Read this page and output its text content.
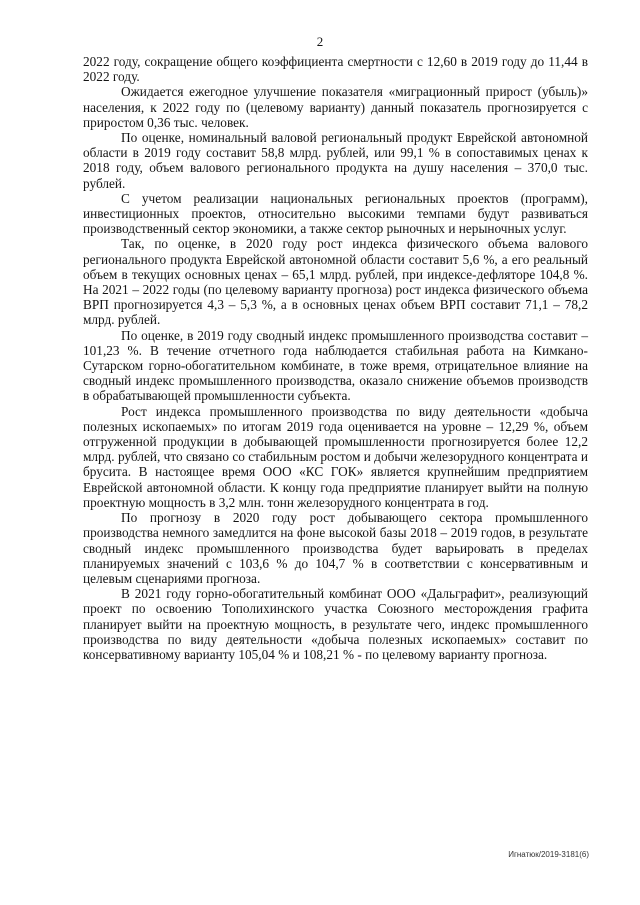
2

2022 году, сокращение общего коэффициента смертности с 12,60 в 2019 году до 11,44 в 2022 году.

Ожидается ежегодное улучшение показателя «миграционный прирост (убыль)» населения, к 2022 году по (целевому варианту) данный показатель прогнозируется с приростом 0,36 тыс. человек.

По оценке, номинальный валовой региональный продукт Еврейской автономной области в 2019 году составит 58,8 млрд. рублей, или 99,1 % в сопоставимых ценах к 2018 году, объем валового регионального продукта на душу населения – 370,0 тыс. рублей.

С учетом реализации национальных региональных проектов (программ), инвестиционных проектов, относительно высокими темпами будут развиваться производственный сектор экономики, а также сектор рыночных и нерыночных услуг.

Так, по оценке, в 2020 году рост индекса физического объема валового регионального продукта Еврейской автономной области составит 5,6 %, а его реальный объем в текущих основных ценах – 65,1 млрд. рублей, при индексе-дефляторе 104,8 %. На 2021 – 2022 годы (по целевому варианту прогноза) рост индекса физического объема ВРП прогнозируется 4,3 – 5,3 %, а в основных ценах объем ВРП составит 71,1 – 78,2 млрд. рублей.

По оценке, в 2019 году сводный индекс промышленного производства составит – 101,23 %. В течение отчетного года наблюдается стабильная работа на Кимкано-Сутарском горно-обогатительном комбинате, в тоже время, отрицательное влияние на сводный индекс промышленного производства, оказало снижение объемов производств в обрабатывающей промышленности субъекта.

Рост индекса промышленного производства по виду деятельности «добыча полезных ископаемых» по итогам 2019 года оценивается на уровне – 12,29 %, объем отгруженной продукции в добывающей промышленности прогнозируется более 12,2 млрд. рублей, что связано со стабильным ростом и добычи железорудного концентрата и брусита. В настоящее время ООО «КС ГОК» является крупнейшим предприятием Еврейской автономной области. К концу года предприятие планирует выйти на полную проектную мощность в 3,2 млн. тонн железорудного концентрата в год.

По прогнозу в 2020 году рост добывающего сектора промышленного производства немного замедлится на фоне высокой базы 2018 – 2019 годов, в результате сводный индекс промышленного производства будет варьировать в пределах планируемых значений с 103,6 % до 104,7 % в соответствии с консервативным и целевым сценариями прогноза.

В 2021 году горно-обогатительный комбинат ООО «Дальграфит», реализующий проект по освоению Тополихинского участка Союзного месторождения графита планирует выйти на проектную мощность, в результате чего, индекс промышленного производства по виду деятельности «добыча полезных ископаемых» составит по консервативному варианту 105,04 % и 108,21 % - по целевому варианту прогноза.

Игнатюк/2019-3181(6)
